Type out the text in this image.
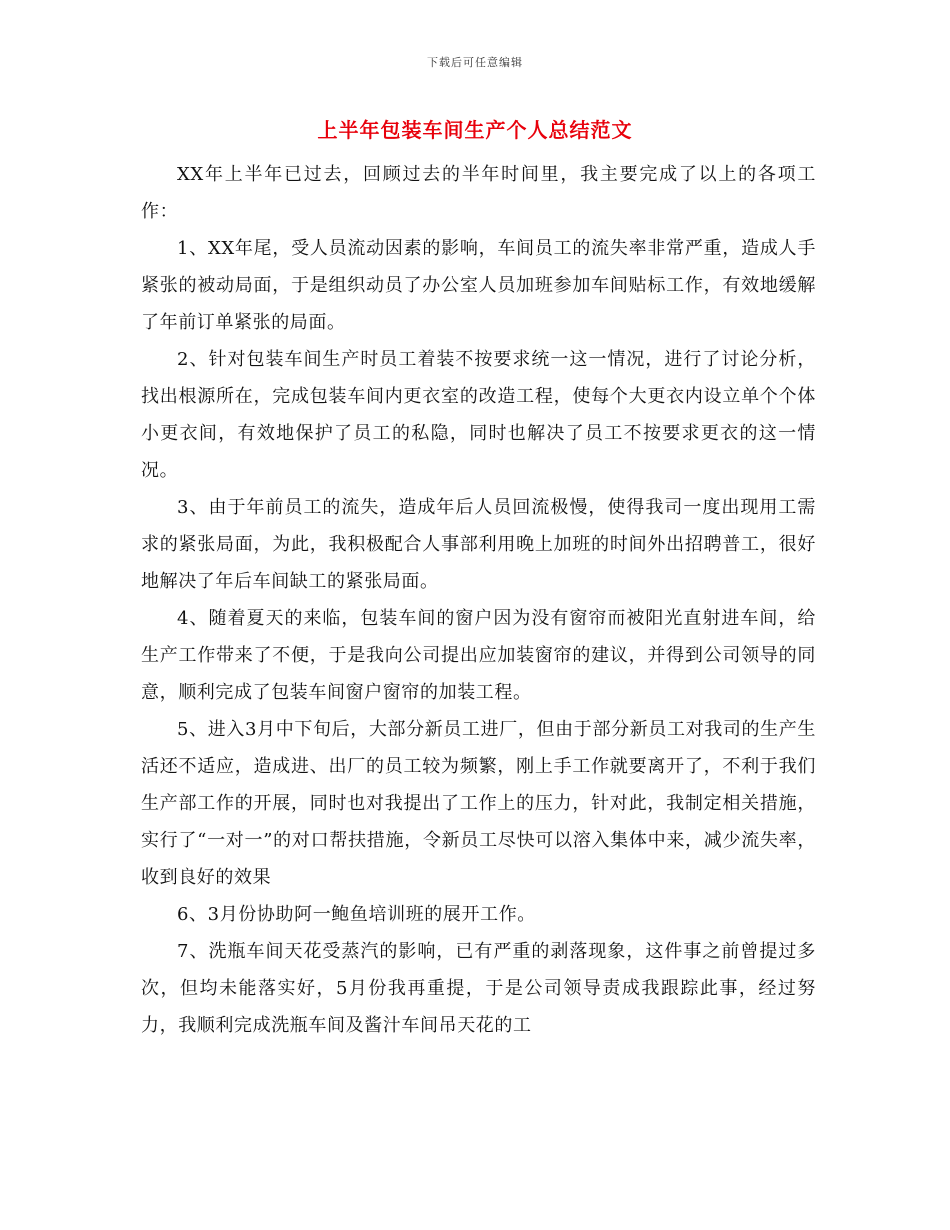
下载后可任意编辑
上半年包装车间生产个人总结范文

XX年上半年已过去，回顾过去的半年时间里，我主要完成了以上的各项工作：

1、XX年尾，受人员流动因素的影响，车间员工的流失率非常严重，造成人手紧张的被动局面，于是组织动员了办公室人员加班参加车间贴标工作，有效地缓解了年前订单紧张的局面。

2、针对包装车间生产时员工着装不按要求统一这一情况，进行了讨论分析，找出根源所在，完成包装车间内更衣室的改造工程，使每个大更衣内设立单个个体小更衣间，有效地保护了员工的私隐，同时也解决了员工不按要求更衣的这一情况。

3、由于年前员工的流失，造成年后人员回流极慢，使得我司一度出现用工需求的紧张局面，为此，我积极配合人事部利用晚上加班的时间外出招聘普工，很好地解决了年后车间缺工的紧张局面。

4、随着夏天的来临，包装车间的窗户因为没有窗帘而被阳光直射进车间，给生产工作带来了不便，于是我向公司提出应加装窗帘的建议，并得到公司领导的同意，顺利完成了包装车间窗户窗帘的加装工程。

5、进入3月中下旬后，大部分新员工进厂，但由于部分新员工对我司的生产生活还不适应，造成进、出厂的员工较为频繁，刚上手工作就要离开了，不利于我们生产部工作的开展，同时也对我提出了工作上的压力，针对此，我制定相关措施，实行了“一对一”的对口帮扶措施，令新员工尽快可以溶入集体中来，减少流失率，收到良好的效果

6、3月份协助阿一鲍鱼培训班的展开工作。

7、洗瓶车间天花受蒸汽的影响，已有严重的剥落现象，这件事之前曾提过多次，但均未能落实好，5月份我再重提，于是公司领导责成我跟踪此事，经过努力，我顺利完成洗瓶车间及酱汁车间吊天花的工
